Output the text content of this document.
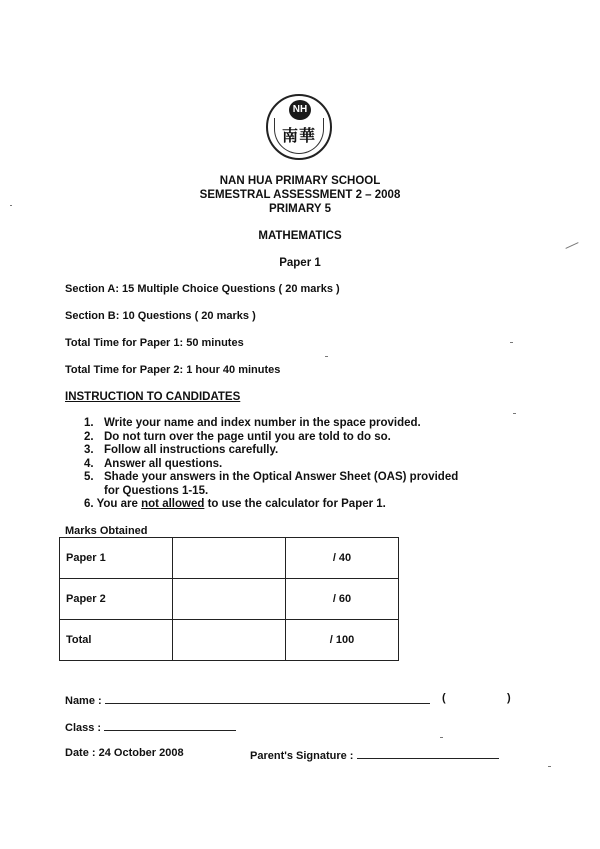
NH
南華
NAN HUA PRIMARY SCHOOL
SEMESTRAL ASSESSMENT 2 – 2008
PRIMARY 5
MATHEMATICS
Paper 1
Section A: 15 Multiple Choice Questions ( 20 marks )
Section B: 10 Questions ( 20 marks )
Total Time for Paper 1: 50 minutes
Total Time for Paper 2: 1 hour 40 minutes
INSTRUCTION TO CANDIDATES
1. Write your name and index number in the space provided.
2. Do not turn over the page until you are told to do so.
3. Follow all instructions carefully.
4. Answer all questions.
5. Shade your answers in the Optical Answer Sheet (OAS) provided
for Questions 1-15.
6. You are not allowed to use the calculator for Paper 1.
Marks Obtained
Paper 1		/ 40
Paper 2		/ 60
Total		/ 100
Name :	(	)
Class :
Date : 24 October 2008	Parent's Signature :
